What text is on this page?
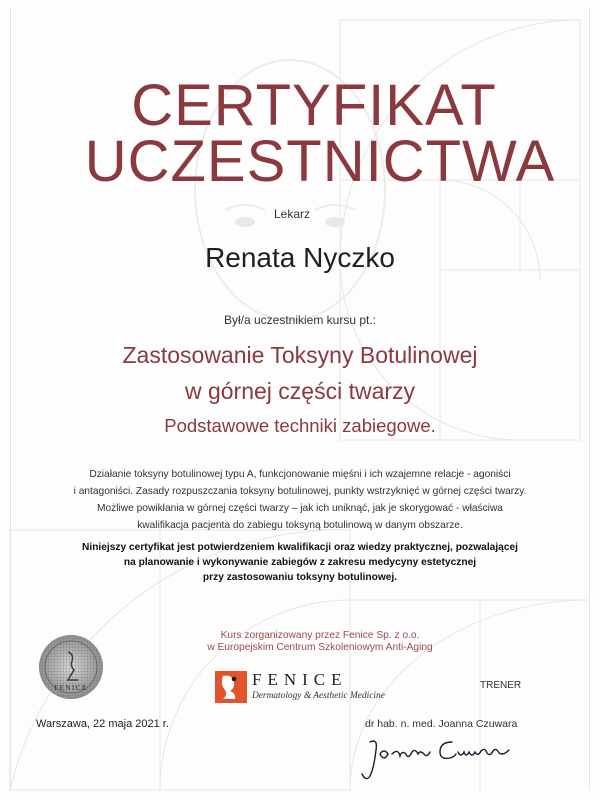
CERTYFIKAT
UCZESTNICTWA
Lekarz
Renata Nyczko
Był/a uczestnikiem kursu pt.:
Zastosowanie Toksyny Botulinowej
w górnej części twarzy
Podstawowe techniki zabiegowe.
Działanie toksyny botulinowej typu A, funkcjonowanie mięśni i ich wzajemne relacje - agoniści
i antagoniści. Zasady rozpuszczania toksyny botulinowej, punkty wstrzyknięć w górnej części twarzy.
Możliwe powikłania w górnej części twarzy – jak ich uniknąć, jak je skorygować - właściwa
kwalifikacja pacjenta do zabiegu toksyną botulinową w danym obszarze.
Niniejszy certyfikat jest potwierdzeniem kwalifikacji oraz wiedzy praktycznej, pozwalającej
na planowanie i wykonywanie zabiegów z zakresu medycyny estetycznej
przy zastosowaniu toksyny botulinowej.
Kurs zorganizowany przez Fenice Sp. z o.o.
w Europejskim Centrum Szkoleniowym Anti-Aging
FENICE	FENICE
Dermatology & Aesthetic Medicine
TRENER
Warszawa, 22 maja 2021 r.	dr hab. n. med. Joanna Czuwara
